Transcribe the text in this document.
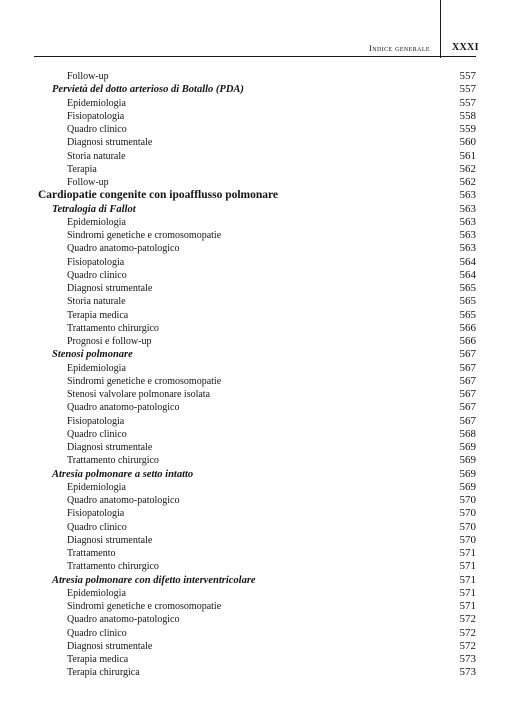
Indice generale XXXI
Follow-up	557
Pervietà del dotto arterioso di Botallo (PDA)	557
Epidemiologia	557
Fisiopatologia	558
Quadro clinico	559
Diagnosi strumentale	560
Storia naturale	561
Terapia	562
Follow-up	562
Cardiopatie congenite con ipoafflusso polmonare	563
Tetralogia di Fallot	563
Epidemiologia	563
Sindromi genetiche e cromosomopatie	563
Quadro anatomo-patologico	563
Fisiopatologia	564
Quadro clinico	564
Diagnosi strumentale	565
Storia naturale	565
Terapia medica	565
Trattamento chirurgico	566
Prognosi e follow-up	566
Stenosi polmonare	567
Epidemiologia	567
Sindromi genetiche e cromosomopatie	567
Stenosi valvolare polmonare isolata	567
Quadro anatomo-patologico	567
Fisiopatologia	567
Quadro clinico	568
Diagnosi strumentale	569
Trattamento chirurgico	569
Atresia polmonare a setto intatto	569
Epidemiologia	569
Quadro anatomo-patologico	570
Fisiopatologia	570
Quadro clinico	570
Diagnosi strumentale	570
Trattamento	571
Trattamento chirurgico	571
Atresia polmonare con difetto interventricolare	571
Epidemiologia	571
Sindromi genetiche e cromosomopatie	571
Quadro anatomo-patologico	572
Quadro clinico	572
Diagnosi strumentale	572
Terapia medica	573
Terapia chirurgica	573
